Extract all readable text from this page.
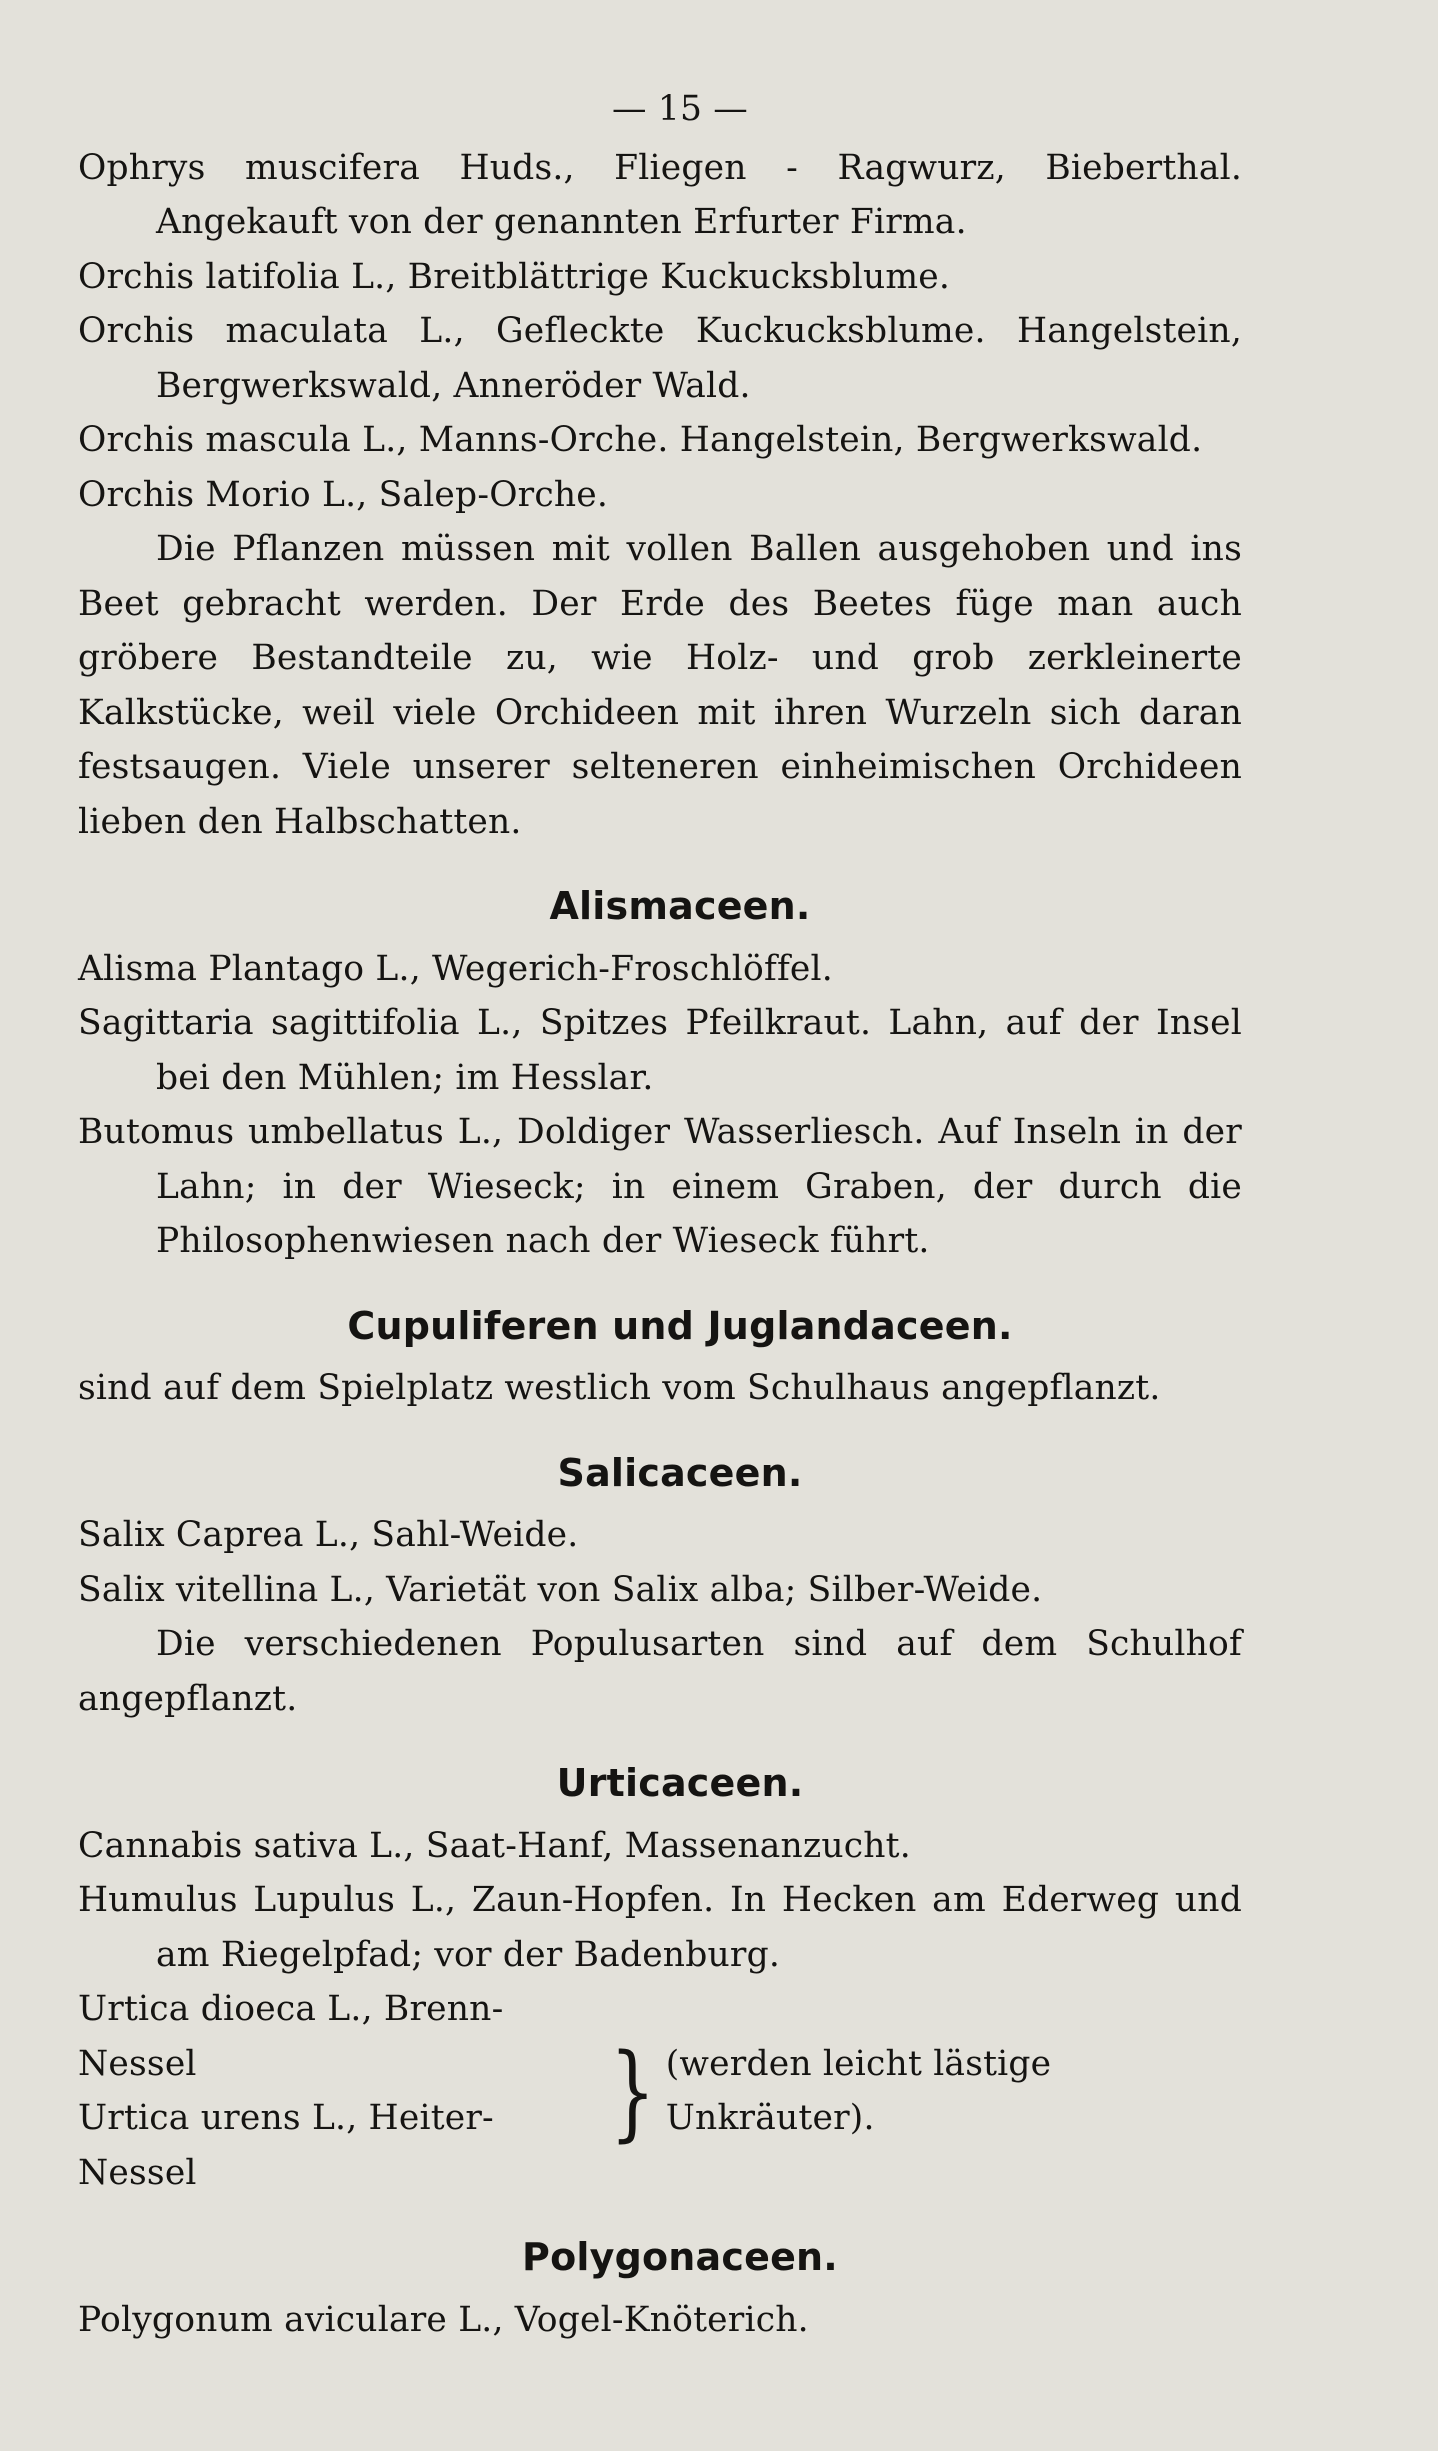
— 15 —
Ophrys muscifera Huds., Fliegen - Ragwurz, Bieberthal. Angekauft von der genannten Erfurter Firma.
Orchis latifolia L., Breitblättrige Kuckucksblume.
Orchis maculata L., Gefleckte Kuckucksblume. Hangelstein, Bergwerkswald, Anneröder Wald.
Orchis mascula L., Manns-Orche. Hangelstein, Bergwerkswald.
Orchis Morio L., Salep-Orche.
Die Pflanzen müssen mit vollen Ballen ausgehoben und ins Beet gebracht werden. Der Erde des Beetes füge man auch gröbere Bestandteile zu, wie Holz- und grob zerkleinerte Kalkstücke, weil viele Orchideen mit ihren Wurzeln sich daran festsaugen. Viele unserer selteneren einheimischen Orchideen lieben den Halbschatten.
Alismaceen.
Alisma Plantago L., Wegerich-Froschlöffel.
Sagittaria sagittifolia L., Spitzes Pfeilkraut. Lahn, auf der Insel bei den Mühlen; im Hesslar.
Butomus umbellatus L., Doldiger Wasserliesch. Auf Inseln in der Lahn; in der Wieseck; in einem Graben, der durch die Philosophenwiesen nach der Wieseck führt.
Cupuliferen und Juglandaceen.
sind auf dem Spielplatz westlich vom Schulhaus angepflanzt.
Salicaceen.
Salix Caprea L., Sahl-Weide.
Salix vitellina L., Varietät von Salix alba; Silber-Weide.
Die verschiedenen Populusarten sind auf dem Schulhof angepflanzt.
Urticaceen.
Cannabis sativa L., Saat-Hanf, Massenanzucht.
Humulus Lupulus L., Zaun-Hopfen. In Hecken am Ederweg und am Riegelpfad; vor der Badenburg.
Urtica dioeca L., Brenn-Nessel
Urtica urens L., Heiter-Nessel
} (werden leicht lästige Unkräuter).
Polygonaceen.
Polygonum aviculare L., Vogel-Knöterich.
